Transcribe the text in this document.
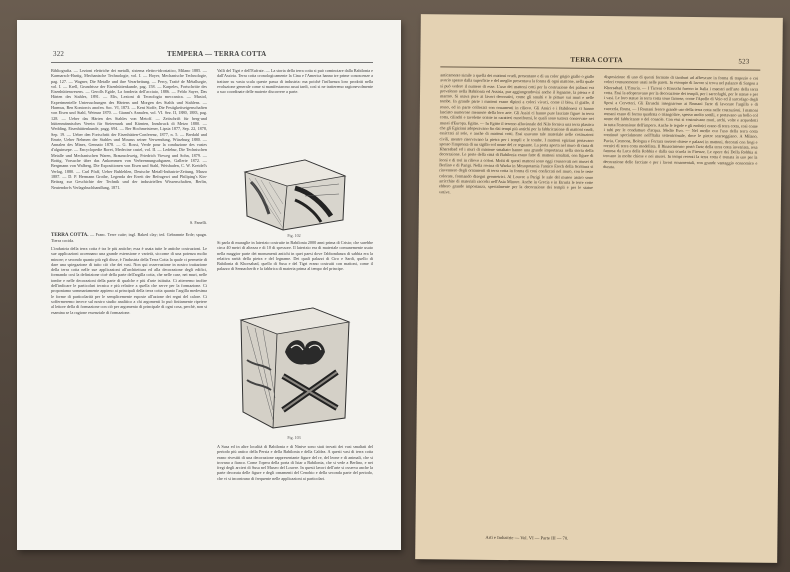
322	TEMPERA — TERRA COTTA
Bibliografia. — Lezioni elettriche dei metalli, sistema elettro-idrostatico, Milano 1885. — Karmarsch-Hartig, Mechanische Technologie, vol. I. — Hoyer, Mechanische Technologie, pag. 127. — Wagner, Die Metalle und ihre Verarbeitung. — Percy, Traité de Métallurgie, vol. I. — Krell, Grundrisse der Eisenhüttenkunde, pag. 158. — Karpeles, Fortschritte des Eisenhüttenwesens. — Gerolls Egide, La fonderia dell'acciaio, 1886. — Feldo Sayer, Das Härten des Stahles, 1891. — Elis, Lezioni di Tecnologia meccanica. — Musiol, Experimentelle Untersuchungen des Härtens und Morgen des Stahls und Stahlens. — Harmus, Ben Kontorcis anofen. Soc. VI, 1873. — Kent Stoffe, Die Festigkeitseigenschaften von Eisen und Stahl, Weimar 1870. — Gianni's Annalen, vol. VI. Sez. II, 1880, 1883, pag. 128. — Ueber das Härten des Stahles von Metoff. — Zeitschrift für berg-und hüttenmännisches Verein für Steiermark und Kärnten, Innsbruck di Metzo 1880. — Wedding, Eisenhüttenkunde, pagg. 694. — Ber Hochmeistener, Lipsia 1877, Sep. 22, 1878, Sep. 19. — Ueber den Fortschritt der Eisenhütten-Conferenz, 1877, n. 5. — Bredahl und Emrie, Ueber Nehmen der Stahles und Mourus seiner Verwendung, Würzburg 1880. — Annalen des Mines, Gennaio 1878. — G. Rossi, Verde pour la conduzione des vastes d'alguinsepe. — Encyclopedie Roret, Medecine castel, vol. II. — Ledebur, Die Technischen Metalle und Mechanischen Waren, Braunschweig, Friedrich Vieweg und Sohn, 1879. — Bottig, Vorsuche über das Ankommen von Verbrennungsabgasen, Gallerie 1872. — Bergmann von Walberg, Die Expositionen von Eisen und Stahl, Weisbaden, C. W. Kreidel's Verlag, 1880. — Carl Pfaff, Ueber Bublehlen, Deutsche Metall-Industrie-Zeitung, Marzo 1887. — D. P. Hermann Grothe, Legenda der Erreit der Befragewi und Philiping's Kin-Beitrag zur Geschichte der Technik und der industriellen Wissenschaften, Berlin, Neutendorfs Verlagsbuchhandlung, 1871.
S. Fanelli.
TERRA COTTA. — Franc. Terre cuite; ingl. Baked clay; ted. Gebrannte Erde; spagn. Tierra cocida.
L'industria della terra cotta è tra le più antiche; essa è usata tutte le antiche costruzioni. Le sue applicazioni accennano una grande estensione e varietà, siccome di una potenza molto minore; e secondo quanto più egli disse, è l'industria della Terra Cotta la quale ci permette di dare una spiegazione di tutto ciò che dei vasi. Non qui osservazione in nostro trattazione della terra cotta nelle sue applicazioni all'architettura ed alla decorazione degli edifici, formando così la definizione cioè della parte dell'argilla cotta, che nelle case, nei muri, nelle tombe e nelle decorazioni della parte di qualche e più d'arte istituita. Ci atterremo inoltre dell'indicare le particolari tecnica e più relative a quella che serve per la formazione. Ci proponiamo sommariamente appieno ai principali della terra cotta quanto l'argilla medesima le forme di particolarità per le semplicemente esposte all'azione dei regni del calore. Ci soffermeremo invece sul nostro studio analitico a chi argomenti lo può finitamente ripetere al lettore della di formazione con ciò per argomento di principale di ogni cosa, perchè, non si esamina se la ragione essenziale di formazione.
Valli del Tigri e dell'Eufrate. — La storia della terra cotta si può cominciare dalla Babilonia e dall'Assiria. Terra cotta cronologicamente la Cina e l'America hanno tre prime conoscenze a trattare su vasta scala queste passa di industria: ma poiché l'influenza loro prodotti nella evoluzione generale come si manifestarono assai tardi, così si ne tratteremo ragionevolmente a suo coordinate delle materie discorrere a parte.
Fig. 102
Si parla di muraglie in laterizio costruite in Babilonia 2000 anni prima di Cristo; che sarebbe circa 40 metri di altezza e di 10 di spessore. Il laterizio era di materiale comunemente usato nella maggior parte dei monumenti antichi in quei paesi dove l'abbondanza di sabbia era la relativa rarità della pietra e del legname. Dei quali palazzi di Ciro e Sardi, quello di Babilonia di Khorsabad, quello di Susa e del Tigri erano costruiti con mattoni, come il palazzo di Sennacherib e la fabbrica di materia prima al tempo del principe.
Fig. 103
A Susa ed in altre località di Babilonia e di Ninive sono stati trovati dei vasi smaltati del periodo più antico della Persia e della Babilonia e della Caldea. A questi vasi di terra cotta erano rivestiti di una decorazione rappresentante figure del re, del leone e di animali, che si trovano a fianco. Come l'opera della porta di Istar a Babilonia, che si vede a Berlino, e nei fregi degli arcieri di Susa nel Museo del Louvre. In questi lavori dell'arte si osserva anche la parte decorata delle figure e degli ornamenti del Cenobio e della seconda parte del periodo, che vi si incontrano di frequente nelle applicazioni ai particolari.
TERRA COTTA	523
anticamente simile a quella dei mattoni crudi, presentano e di un color grigio giallo o giallo avorio spesso dalla superficie e del meglio presentava la forma di ogni mattone, nella quale si può vedere il numero di esse. L'uso dei mattoni cotti per la costruzione dei palazzi era prevalente nella Babilonia ed Assiria, pur aggiungendovisi anche il legname, la pietra e il marmo. Si usava pure ai lavori decorativi, come gli smalti e le pitture sui muri e nelle tombe. In grande parte i mattoni erano dipinti a colori vivaci, come il bleu, il giallo, il rosso, ed in parte collocati con ornamenti in rilievo. Gli Assiri e i Babilonesi ci hanno lasciato numerose memorie della loro arte. Gli Assiri ci hanno pure lasciato figure in terra cotta, cilindri e tavolette scritte in caratteri cuneiformi, le quali sono tuttora conservate nei musei d'Europa. Egitto. — In Egitto il terreno alluvionale del Nilo forniva una terra plastica che gli Egiziani adoperavano fin dai tempi più antichi per la fabbricazione di mattoni crudi, essiccati al sole, e anche di mattoni cotti. Essi usavano tale materiale nelle costruzioni civili, mentre riservavano la pietra per i templi e le tombe. I mattoni egiziani portavano spesso l'impronta di un sigillo col nome del re regnante. La porta aperta nel muro di cinta di Kharsabad ed i muri di mattone smaltato hanno una grande importanza nella storia della decorazione. Le porte della città di Babilonia erano fatte di mattoni smaltati, con figure di leoni e di tori in rilievo a colori. Molti di questi mattoni sono oggi conservati nei musei di Berlino e di Parigi. Nella rovina di Warka in Mesopotamia l'antico Erech della Scrittura si rinvennero degli ornamenti di terra cotta in forma di coni conficcati nel muro, con le teste colorate, formando disegni geometrici. Al Louvre a Parigi le sale del museo assiro sono arricchite di materiali raccolti nell'Asia Minore. Anche in Grecia e in Etruria le terre cotte ebbero grande importanza, specialmente per la decorazione dei templi e per le statue votive.
disposizione di uno di questi formato di tamburi ad affrescare in forma di trapezio e coi colori comunemente usati nelle pareti. In esempio di lavoro si trova nel palazzo di Sargon a Khorsabad. L'Etruria. — I Tirreni o Etruschi furono in Italia i maestri nell'arte della terra cotta. Essi la adoperavano per la decorazione dei templi, per i sarcofaghi, per le statue e per i vasi. Le loro statue in terra cotta sono famose, come l'Apollo di Veio ed il sarcofago degli Sposi a Cerveteri. Gli Etruschi insegnarono ai Romani l'arte di lavorare l'argilla e di cuocerla. Roma. — I Romani fecero grande uso della terra cotta nelle costruzioni. I mattoni romani erano di forma quadrata o triangolare, spesso molto sottili, e portavano un bollo col nome del fabbricante o del console. Con essi si costruivano muri, archi, volte e acquedotti in tutta l'estensione dell'impero. Anche le tegole e gli embrici erano di terra cotta, così come i tubi per le condutture d'acqua. Medio Evo. — Nel medio evo l'uso della terra cotta continuò specialmente nell'Italia settentrionale, dove le pietre scarseggiano. A Milano, Pavia, Cremona, Bologna e Ferrara sorsero chiese e palazzi in mattoni, decorati con fregi e cornici di terra cotta modellata. Il Rinascimento portò l'arte della terra cotta invetriata, resa famosa da Luca della Robbia e dalla sua scuola in Firenze. Le opere dei Della Robbia si trovano in molte chiese e nei musei. In tempi recenti la terra cotta è tornata in uso per la decorazione delle facciate e per i lavori ornamentali, con grande vantaggio economico e durata.
Arti e Industrie — Vol. VI — Parte III — 70.
